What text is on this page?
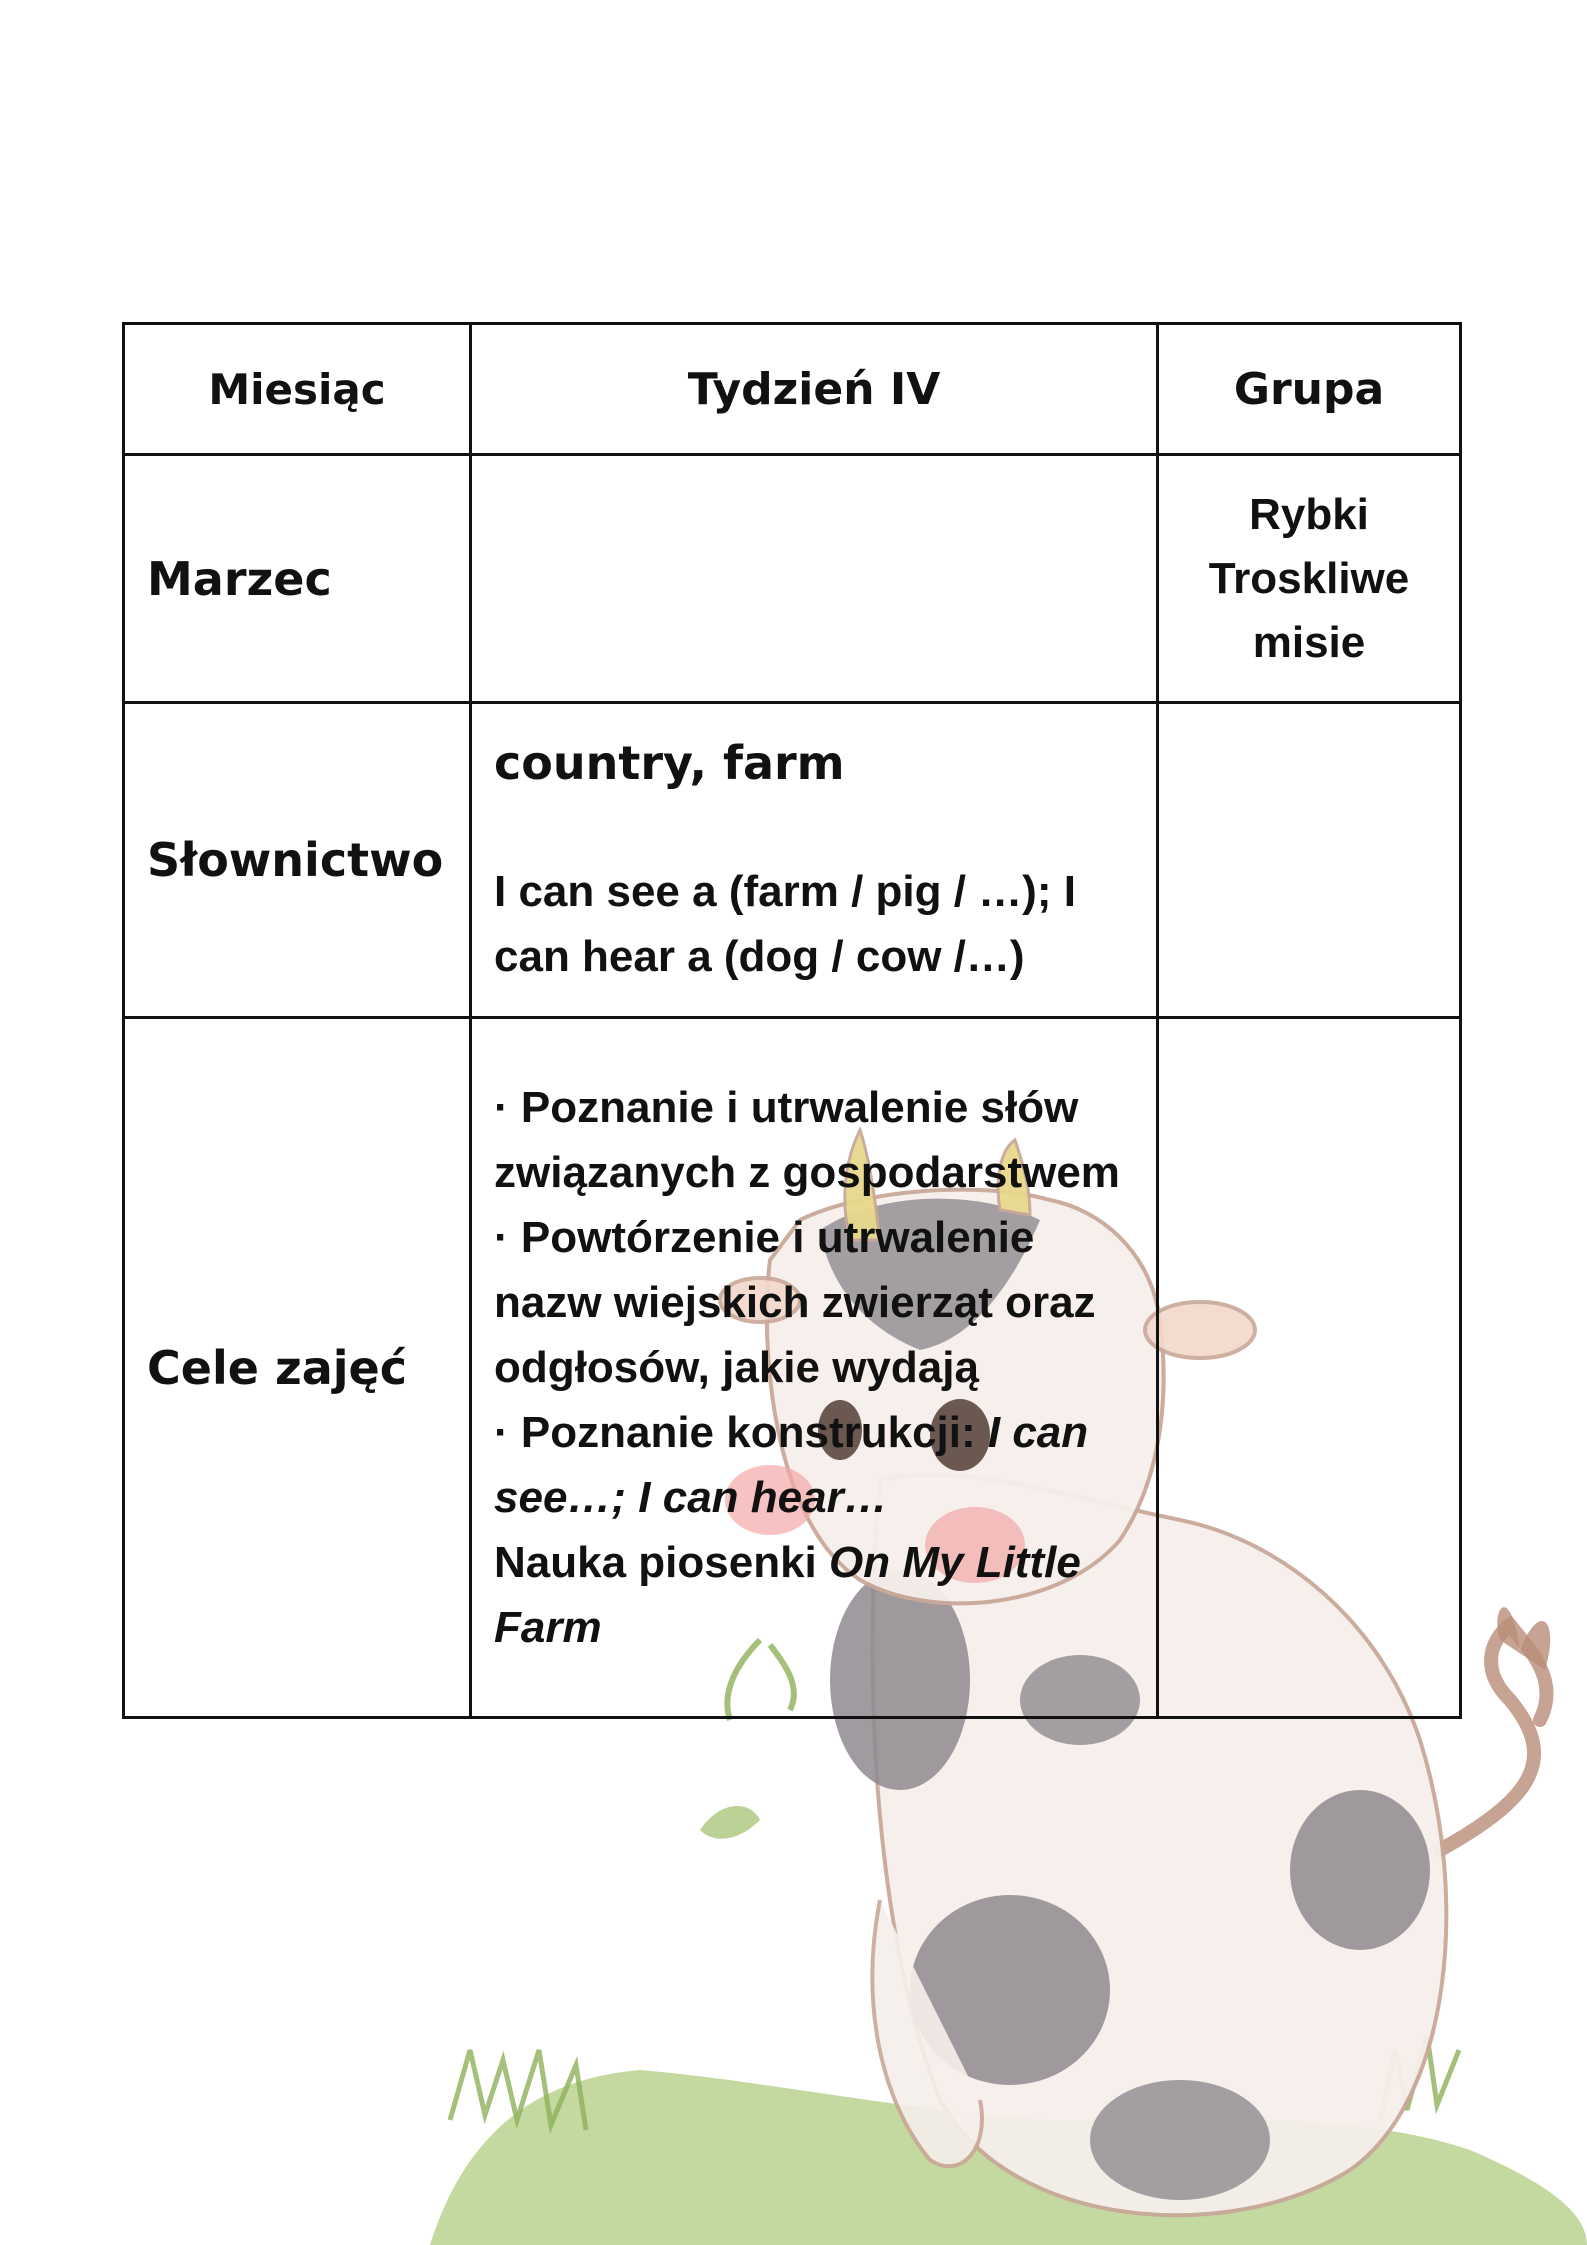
Miesiąc	Tydzień IV	Grupa
Marzec		Rybki
Troskliwe
misie

Słownictwo	country, farm
I can see a (farm / pig / …); I can hear a (dog / cow /…)	
Cele zajęć	· Poznanie i utrwalenie słów związanych z gospodarstwem
· Powtórzenie i utrwalenie nazw wiejskich zwierząt oraz odgłosów, jakie wydają
· Poznanie konstrukcji: I can see…; I can hear…
Nauka piosenki On My Little Farm	
